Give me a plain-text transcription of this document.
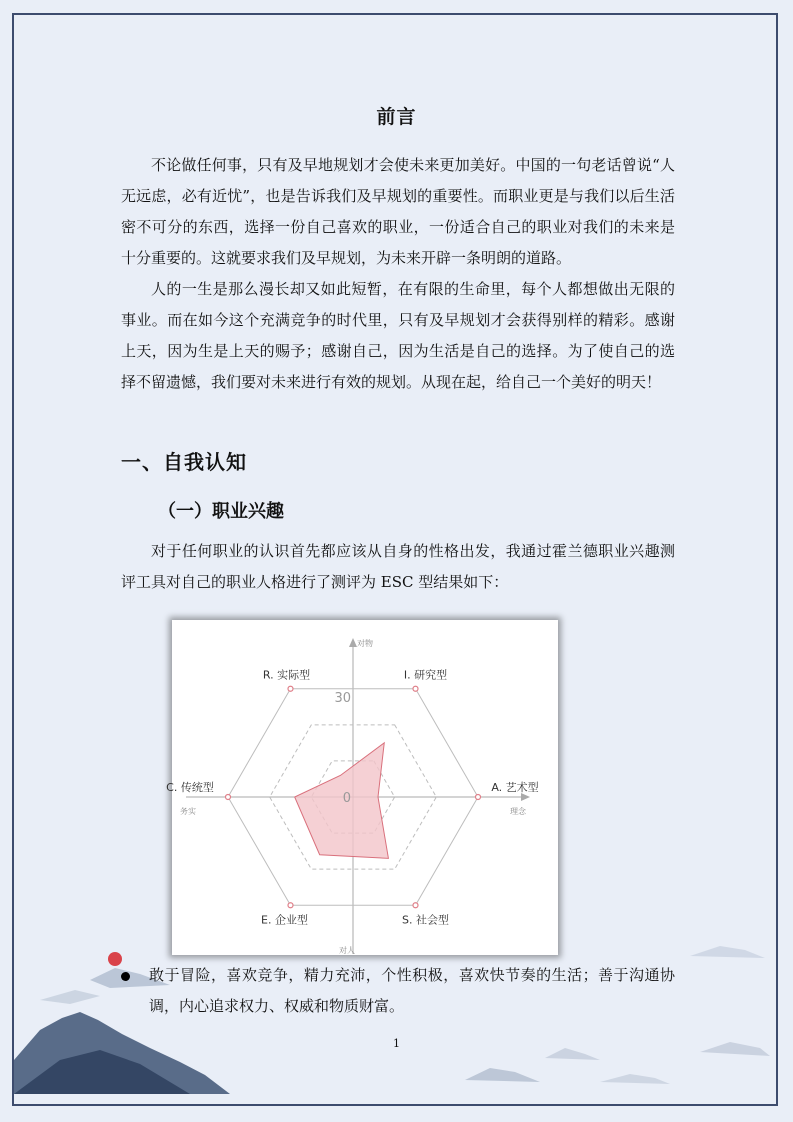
前言

不论做任何事，只有及早地规划才会使未来更加美好。中国的一句老话曾说“人无远虑，必有近忧”，也是告诉我们及早规划的重要性。而职业更是与我们以后生活密不可分的东西，选择一份自己喜欢的职业，一份适合自己的职业对我们的未来是十分重要的。这就要求我们及早规划，为未来开辟一条明朗的道路。

人的一生是那么漫长却又如此短暂，在有限的生命里，每个人都想做出无限的事业。而在如今这个充满竞争的时代里，只有及早规划才会获得别样的精彩。感谢上天，因为生是上天的赐予；感谢自己，因为生活是自己的选择。为了使自己的选择不留遗憾，我们要对未来进行有效的规划。从现在起，给自己一个美好的明天！

一、自我认知
（一）职业兴趣

对于任何职业的认识首先都应该从自身的性格出发，我通过霍兰德职业兴趣测评工具对自己的职业人格进行了测评为 ESC 型结果如下：

I. 研究型
A. 艺术型
S. 社会型
E. 企业型
C. 传统型
R. 实际型
30
0
对物
对人
务实	理念
敢于冒险，喜欢竞争，精力充沛，个性积极，喜欢快节奏的生活；善于沟通协调，内心追求权力、权威和物质财富。
1
